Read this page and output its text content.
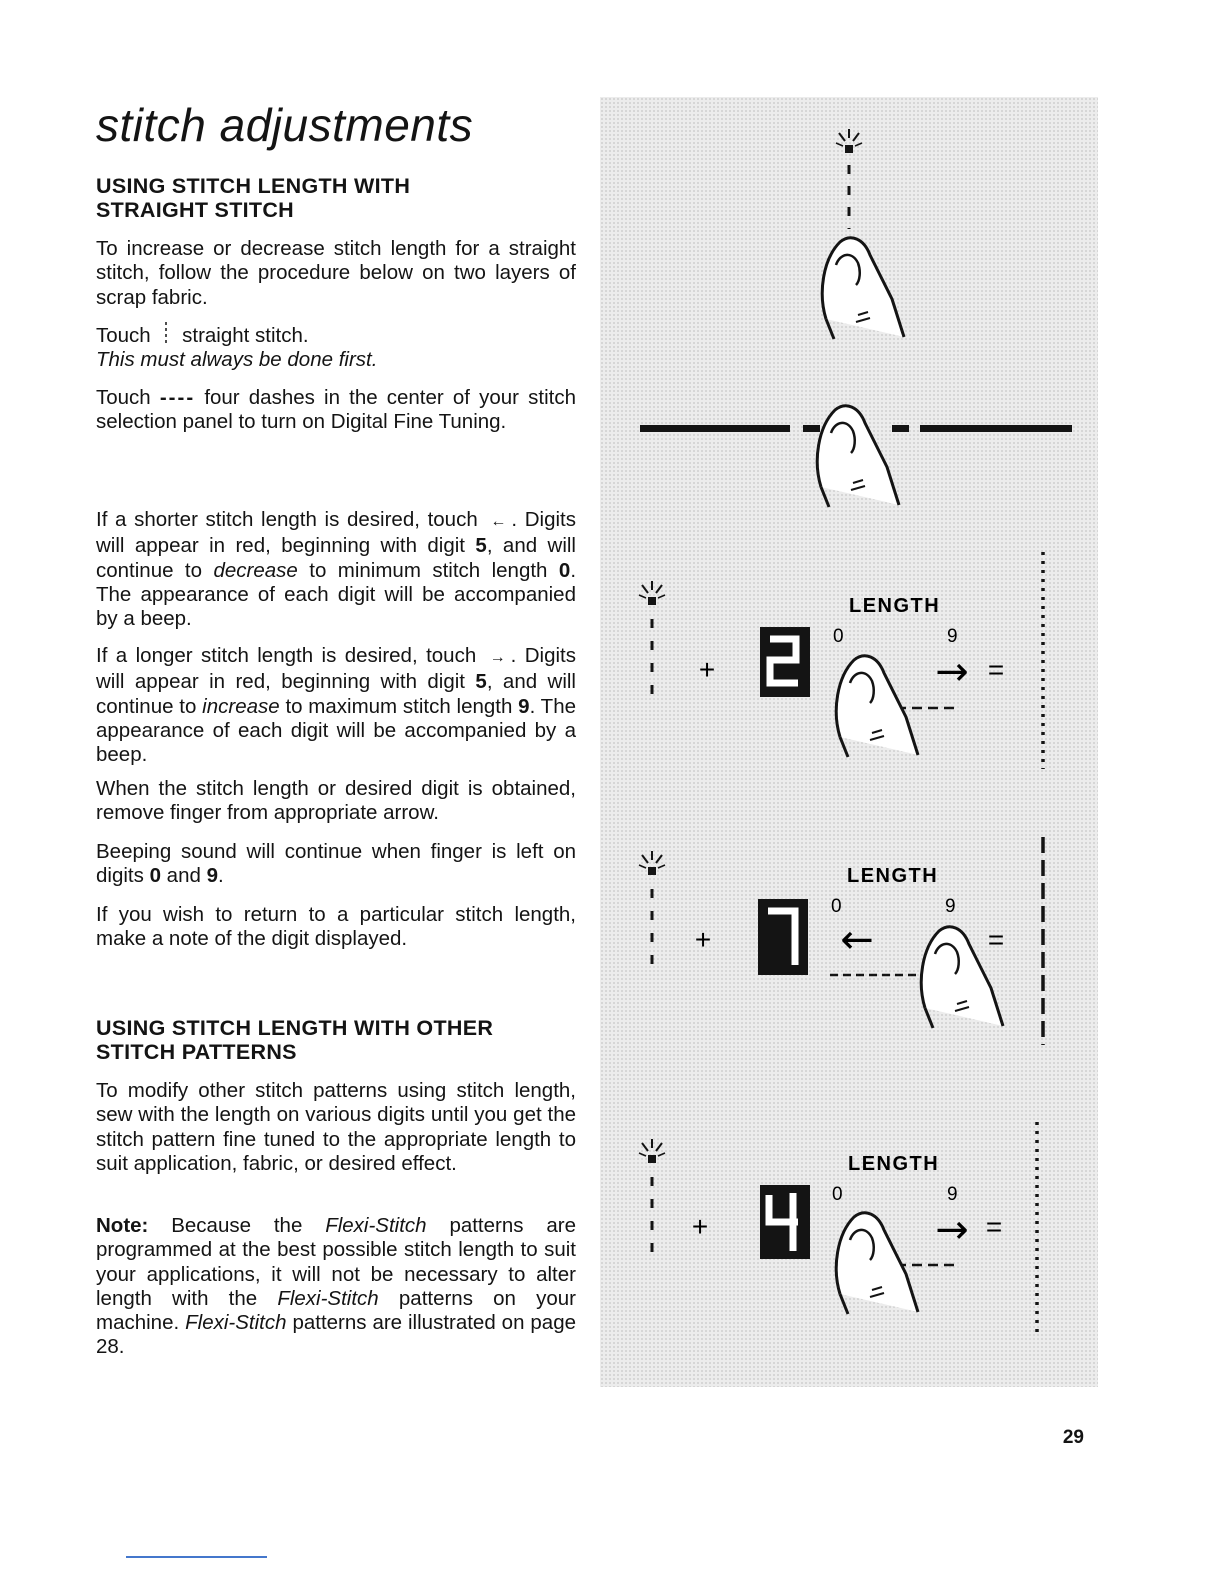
stitch adjustments
USING STITCH LENGTH WITH
STRAIGHT STITCH

To increase or decrease stitch length for a straight stitch, follow the procedure below on two layers of scrap fabric.

Touch straight stitch.
This must always be done first.

Touch ---- four dashes in the center of your stitch selection panel to turn on Digital Fine Tuning.

If a shorter stitch length is desired, touch ← . Digits will appear in red, beginning with digit 5, and will continue to decrease to minimum stitch length 0. The appearance of each digit will be accompanied by a beep.

If a longer stitch length is desired, touch → . Digits will appear in red, beginning with digit 5, and will continue to increase to maximum stitch length 9. The appearance of each digit will be accompanied by a beep.

When the stitch length or desired digit is obtained, remove finger from appropriate arrow.

Beeping sound will continue when finger is left on digits 0 and 9.

If you wish to return to a particular stitch length, make a note of the digit displayed.

USING STITCH LENGTH WITH OTHER
STITCH PATTERNS

To modify other stitch patterns using stitch length, sew with the length on various digits until you get the stitch pattern fine tuned to the appropriate length to suit application, fabric, or desired effect.

Note: Because the Flexi-Stitch patterns are programmed at the best possible stitch length to suit your applications, it will not be necessary to alter length with the Flexi-Stitch patterns on your machine. Flexi-Stitch patterns are illustrated on page 28.

+
LENGTH
0	9
→ =
+
LENGTH
0	9
←	=
+
LENGTH
0	9
→ =
29
